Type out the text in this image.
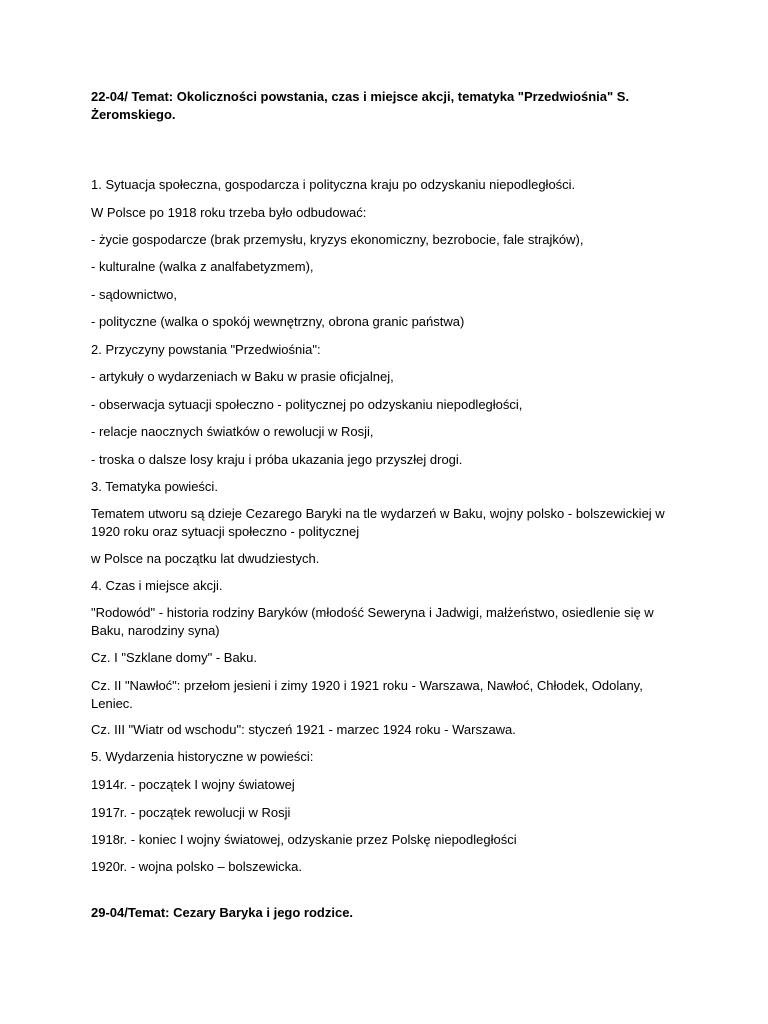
22-04/ Temat: Okoliczności powstania, czas i miejsce akcji, tematyka "Przedwiośnia" S. Żeromskiego.
1. Sytuacja społeczna, gospodarcza i polityczna kraju po odzyskaniu niepodległości.
W Polsce po 1918 roku trzeba było odbudować:
- życie gospodarcze (brak przemysłu, kryzys ekonomiczny, bezrobocie, fale strajków),
- kulturalne (walka z analfabetyzmem),
- sądownictwo,
- polityczne (walka o spokój wewnętrzny, obrona granic państwa)
2. Przyczyny powstania "Przedwiośnia":
- artykuły o wydarzeniach w Baku w prasie oficjalnej,
- obserwacja sytuacji społeczno - politycznej po odzyskaniu niepodległości,
- relacje naocznych światków o rewolucji w Rosji,
- troska o dalsze losy kraju i próba ukazania jego przyszłej drogi.
3. Tematyka powieści.
Tematem utworu są dzieje Cezarego Baryki na tle wydarzeń w Baku, wojny polsko - bolszewickiej w 1920 roku oraz sytuacji społeczno - politycznej
w Polsce na początku lat dwudziestych.
4. Czas i miejsce akcji.
"Rodowód" - historia rodziny Baryków (młodość Seweryna i Jadwigi, małżeństwo, osiedlenie się w Baku, narodziny syna)
Cz. I "Szklane domy" - Baku.
Cz. II "Nawłoć": przełom jesieni i zimy 1920 i 1921 roku - Warszawa, Nawłoć, Chłodek, Odolany, Leniec.
Cz. III "Wiatr od wschodu": styczeń 1921 - marzec 1924 roku - Warszawa.
5. Wydarzenia historyczne w powieści:
1914r. - początek I wojny światowej
1917r. - początek rewolucji w Rosji
1918r. - koniec I wojny światowej, odzyskanie przez Polskę niepodległości
1920r. - wojna polsko – bolszewicka.
29-04/Temat: Cezary Baryka i jego rodzice.
